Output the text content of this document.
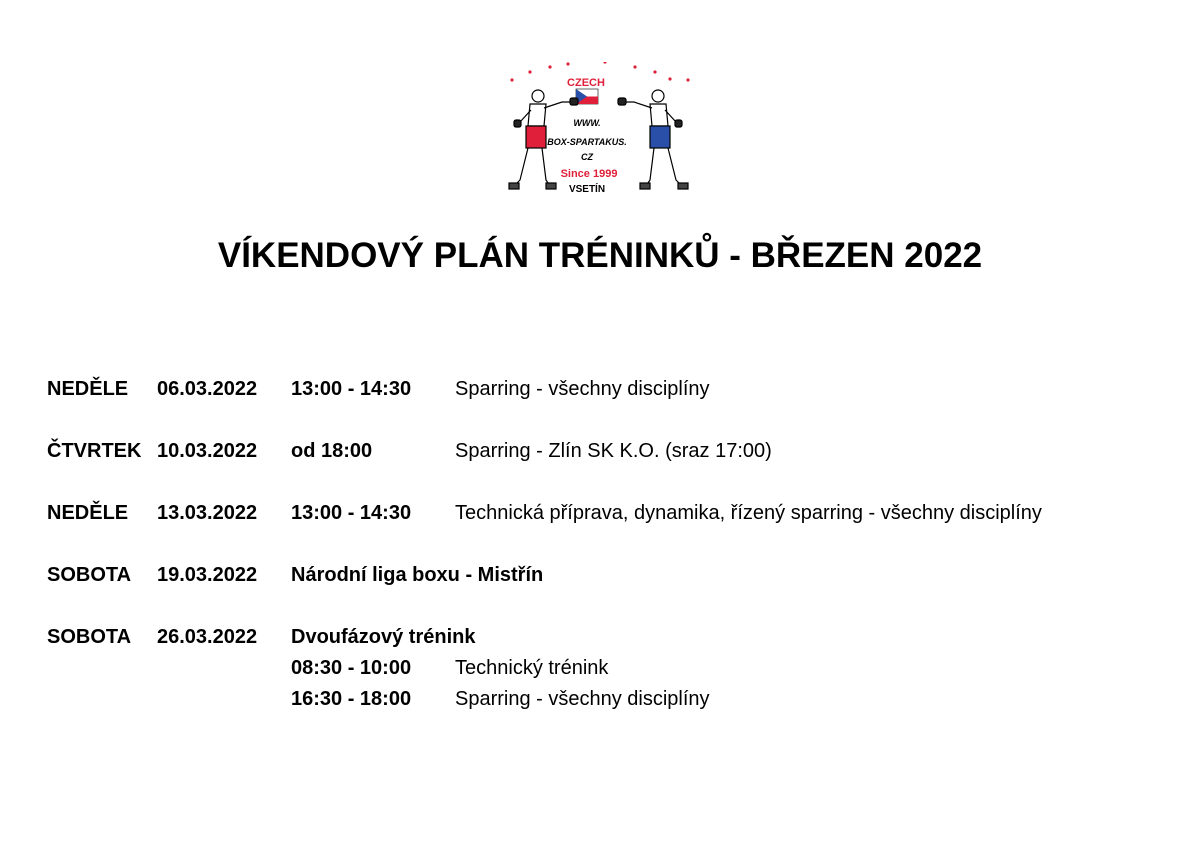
CZECH
WWW.
BOX-SPARTAKUS.
CZ
Since 1999
VSETÍN
VÍKENDOVÝ PLÁN TRÉNINKŮ - BŘEZEN 2022
NEDĚLE 06.03.2022 13:00 - 14:30 Sparring - všechny disciplíny
ČTVRTEK 10.03.2022 od 18:00	Sparring - Zlín SK K.O. (sraz 17:00)
NEDĚLE 13.03.2022 13:00 - 14:30 Technická příprava, dynamika, řízený sparring - všechny disciplíny
SOBOTA 19.03.2022 Národní liga boxu - Mistřín
SOBOTA 26.03.2022 Dvoufázový trénink
08:30 - 10:00 Technický trénink
16:30 - 18:00 Sparring - všechny disciplíny
